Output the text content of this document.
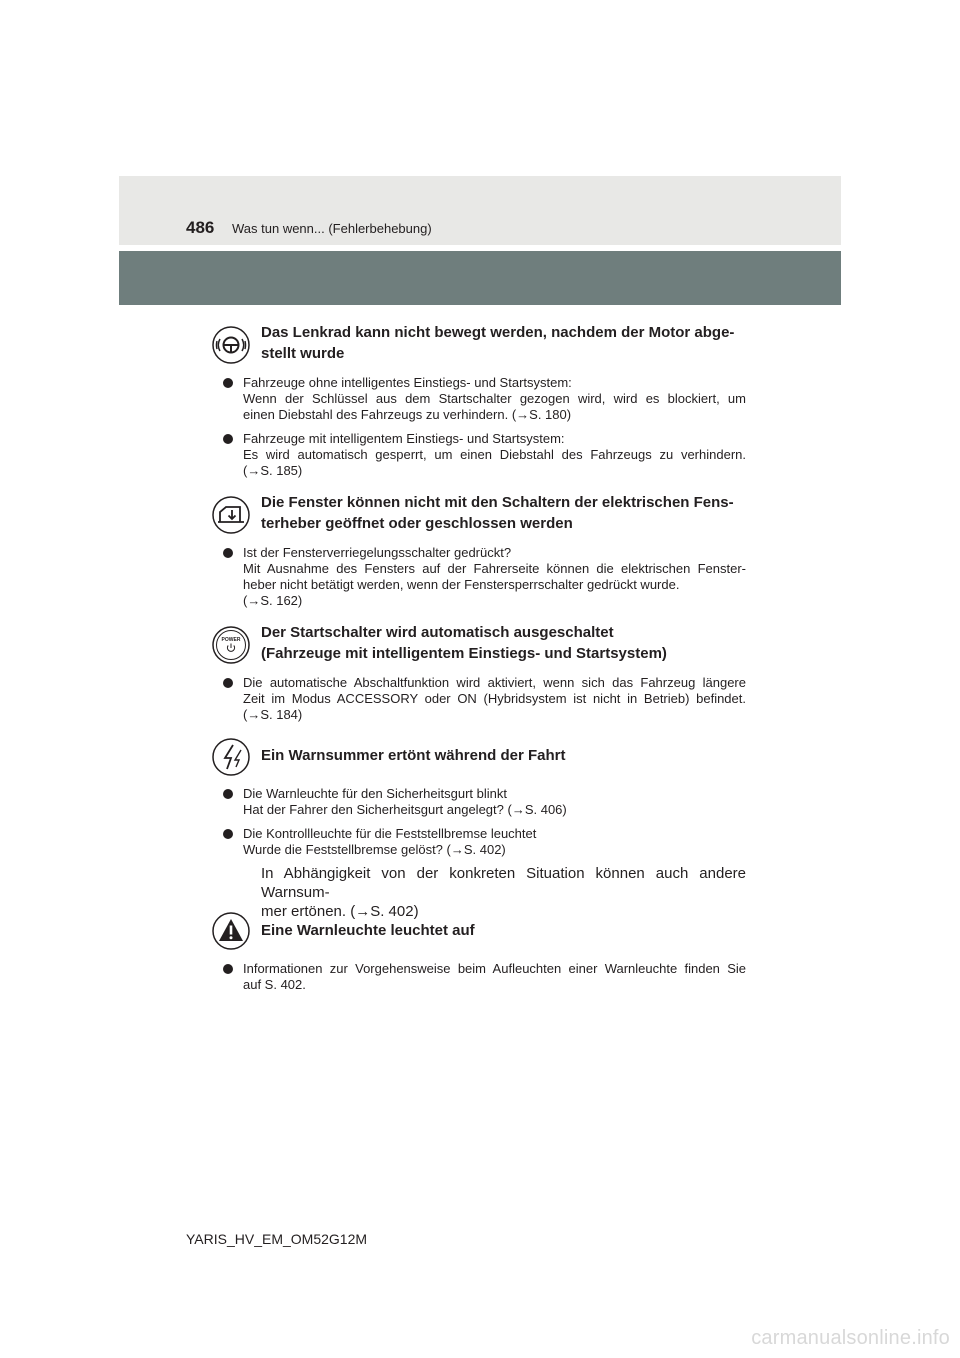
486 Was tun wenn... (Fehlerbehebung)
Das Lenkrad kann nicht bewegt werden, nachdem der Motor abge-
stellt wurde
Fahrzeuge ohne intelligentes Einstiegs- und Startsystem:
Wenn der Schlüssel aus dem Startschalter gezogen wird, wird es blockiert, um
einen Diebstahl des Fahrzeugs zu verhindern. (→S. 180)
Fahrzeuge mit intelligentem Einstiegs- und Startsystem:
Es wird automatisch gesperrt, um einen Diebstahl des Fahrzeugs zu verhindern.
(→S. 185)
Die Fenster können nicht mit den Schaltern der elektrischen Fens-
terheber geöffnet oder geschlossen werden
Ist der Fensterverriegelungsschalter gedrückt?
Mit Ausnahme des Fensters auf der Fahrerseite können die elektrischen Fenster-
heber nicht betätigt werden, wenn der Fenstersperrschalter gedrückt wurde.
(→S. 162)
POWER Der Startschalter wird automatisch ausgeschaltet
(Fahrzeuge mit intelligentem Einstiegs- und Startsystem)
Die automatische Abschaltfunktion wird aktiviert, wenn sich das Fahrzeug längere
Zeit im Modus ACCESSORY oder ON (Hybridsystem ist nicht in Betrieb) befindet.
(→S. 184)
Ein Warnsummer ertönt während der Fahrt
Die Warnleuchte für den Sicherheitsgurt blinkt
Hat der Fahrer den Sicherheitsgurt angelegt? (→S. 406)
Die Kontrollleuchte für die Feststellbremse leuchtet
Wurde die Feststellbremse gelöst? (→S. 402)
In Abhängigkeit von der konkreten Situation können auch andere Warnsum-
mer ertönen. (→S. 402)
Eine Warnleuchte leuchtet auf
Informationen zur Vorgehensweise beim Aufleuchten einer Warnleuchte finden Sie
auf S. 402.
YARIS_HV_EM_OM52G12M
carmanualsonline.info
